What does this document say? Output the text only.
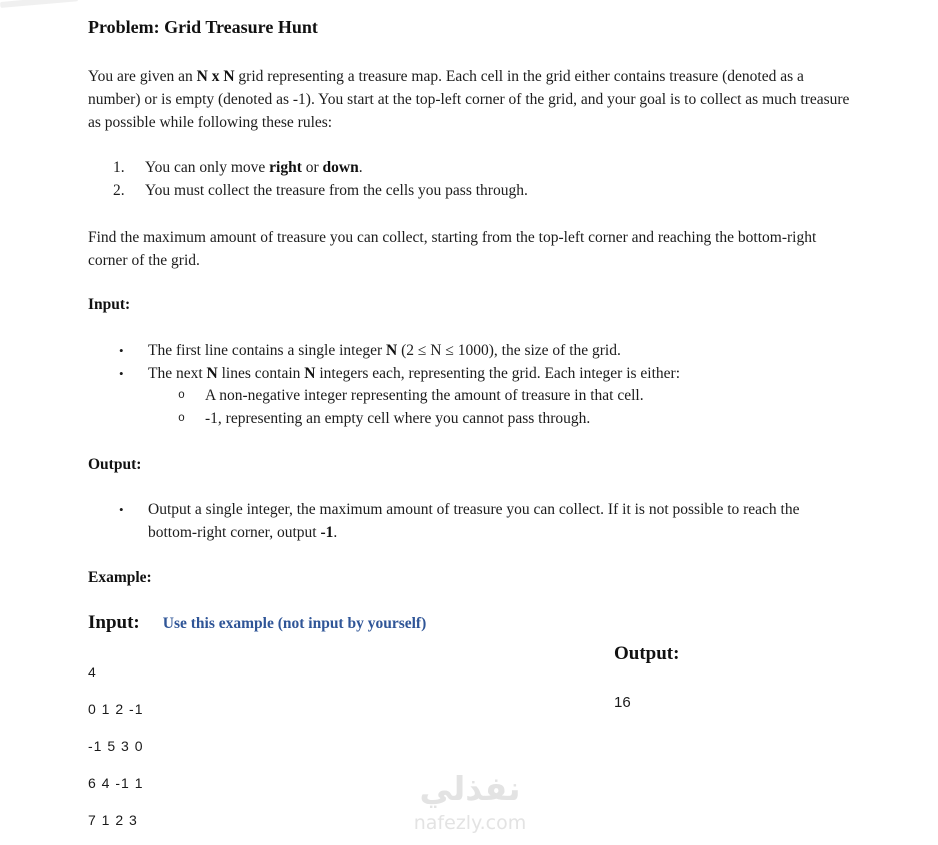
Problem: Grid Treasure Hunt
You are given an N x N grid representing a treasure map. Each cell in the grid either contains treasure (denoted as a number) or is empty (denoted as -1). You start at the top-left corner of the grid, and your goal is to collect as much treasure as possible while following these rules:
1.	You can only move right or down.
2.	You must collect the treasure from the cells you pass through.
Find the maximum amount of treasure you can collect, starting from the top-left corner and reaching the bottom-right corner of the grid.
Input:
•	The first line contains a single integer N (2 ≤ N ≤ 1000), the size of the grid.
•	The next N lines contain N integers each, representing the grid. Each integer is either:
o	A non-negative integer representing the amount of treasure in that cell.
o	-1, representing an empty cell where you cannot pass through.
Output:
•	Output a single integer, the maximum amount of treasure you can collect. If it is not possible to reach the bottom-right corner, output -1.
Example:
Input: Use this example (not input by yourself)
4
0 1 2 -1
-1 5 3 0
6 4 -1 1
7 1 2 3
Output:
16
نفذلي
nafezly.com
